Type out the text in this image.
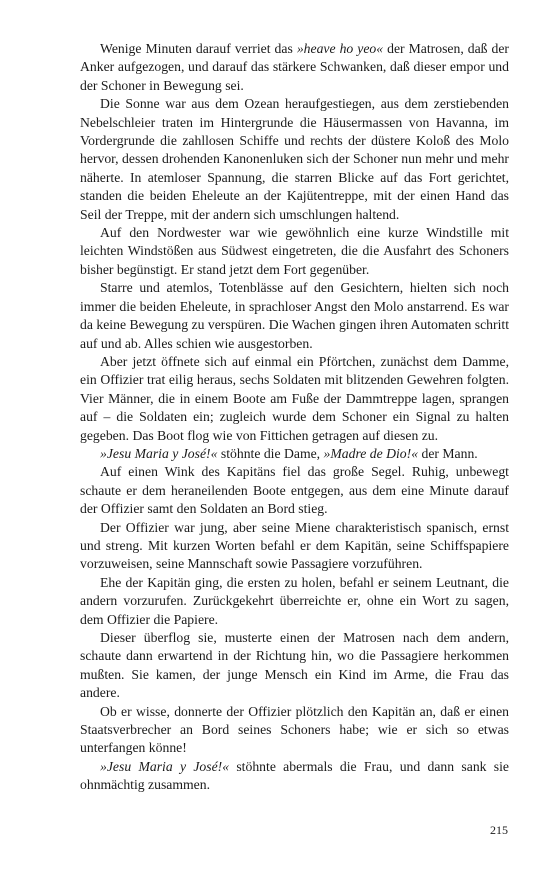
Wenige Minuten darauf verriet das »heave ho yeo« der Matrosen, daß der Anker aufgezogen, und darauf das stärkere Schwanken, daß dieser empor und der Schoner in Bewegung sei.

Die Sonne war aus dem Ozean heraufgestiegen, aus dem zerstiebenden Nebelschleier traten im Hintergrunde die Häusermassen von Havanna, im Vordergrunde die zahllosen Schiffe und rechts der düstere Koloß des Molo hervor, dessen drohenden Kanonenluken sich der Schoner nun mehr und mehr näherte. In atemloser Spannung, die starren Blicke auf das Fort gerichtet, standen die beiden Eheleute an der Kajütentreppe, mit der einen Hand das Seil der Treppe, mit der andern sich umschlungen haltend.

Auf den Nordwester war wie gewöhnlich eine kurze Windstille mit leichten Windstößen aus Südwest eingetreten, die die Ausfahrt des Schoners bisher begünstigt. Er stand jetzt dem Fort gegenüber.

Starre und atemlos, Totenblässe auf den Gesichtern, hielten sich noch immer die beiden Eheleute, in sprachloser Angst den Molo anstarrend. Es war da keine Bewegung zu verspüren. Die Wachen gingen ihren Automaten schritt auf und ab. Alles schien wie ausgestorben.

Aber jetzt öffnete sich auf einmal ein Pförtchen, zunächst dem Damme, ein Offizier trat eilig heraus, sechs Soldaten mit blitzenden Gewehren folgten. Vier Männer, die in einem Boote am Fuße der Dammtreppe lagen, sprangen auf – die Soldaten ein; zugleich wurde dem Schoner ein Signal zu halten gegeben. Das Boot flog wie von Fittichen getragen auf diesen zu.

»Jesu Maria y José!« stöhnte die Dame, »Madre de Dio!« der Mann.

Auf einen Wink des Kapitäns fiel das große Segel. Ruhig, unbewegt schaute er dem heraneilenden Boote entgegen, aus dem eine Minute darauf der Offizier samt den Soldaten an Bord stieg.

Der Offizier war jung, aber seine Miene charakteristisch spanisch, ernst und streng. Mit kurzen Worten befahl er dem Kapitän, seine Schiffspapiere vorzuweisen, seine Mannschaft sowie Passagiere vorzuführen.

Ehe der Kapitän ging, die ersten zu holen, befahl er seinem Leutnant, die andern vorzurufen. Zurückgekehrt überreichte er, ohne ein Wort zu sagen, dem Offizier die Papiere.

Dieser überflog sie, musterte einen der Matrosen nach dem andern, schaute dann erwartend in der Richtung hin, wo die Passagiere herkommen mußten. Sie kamen, der junge Mensch ein Kind im Arme, die Frau das andere.

Ob er wisse, donnerte der Offizier plötzlich den Kapitän an, daß er einen Staatsverbrecher an Bord seines Schoners habe; wie er sich so etwas unterfangen könne!

»Jesu Maria y José!« stöhnte abermals die Frau, und dann sank sie ohnmächtig zusammen.

215
